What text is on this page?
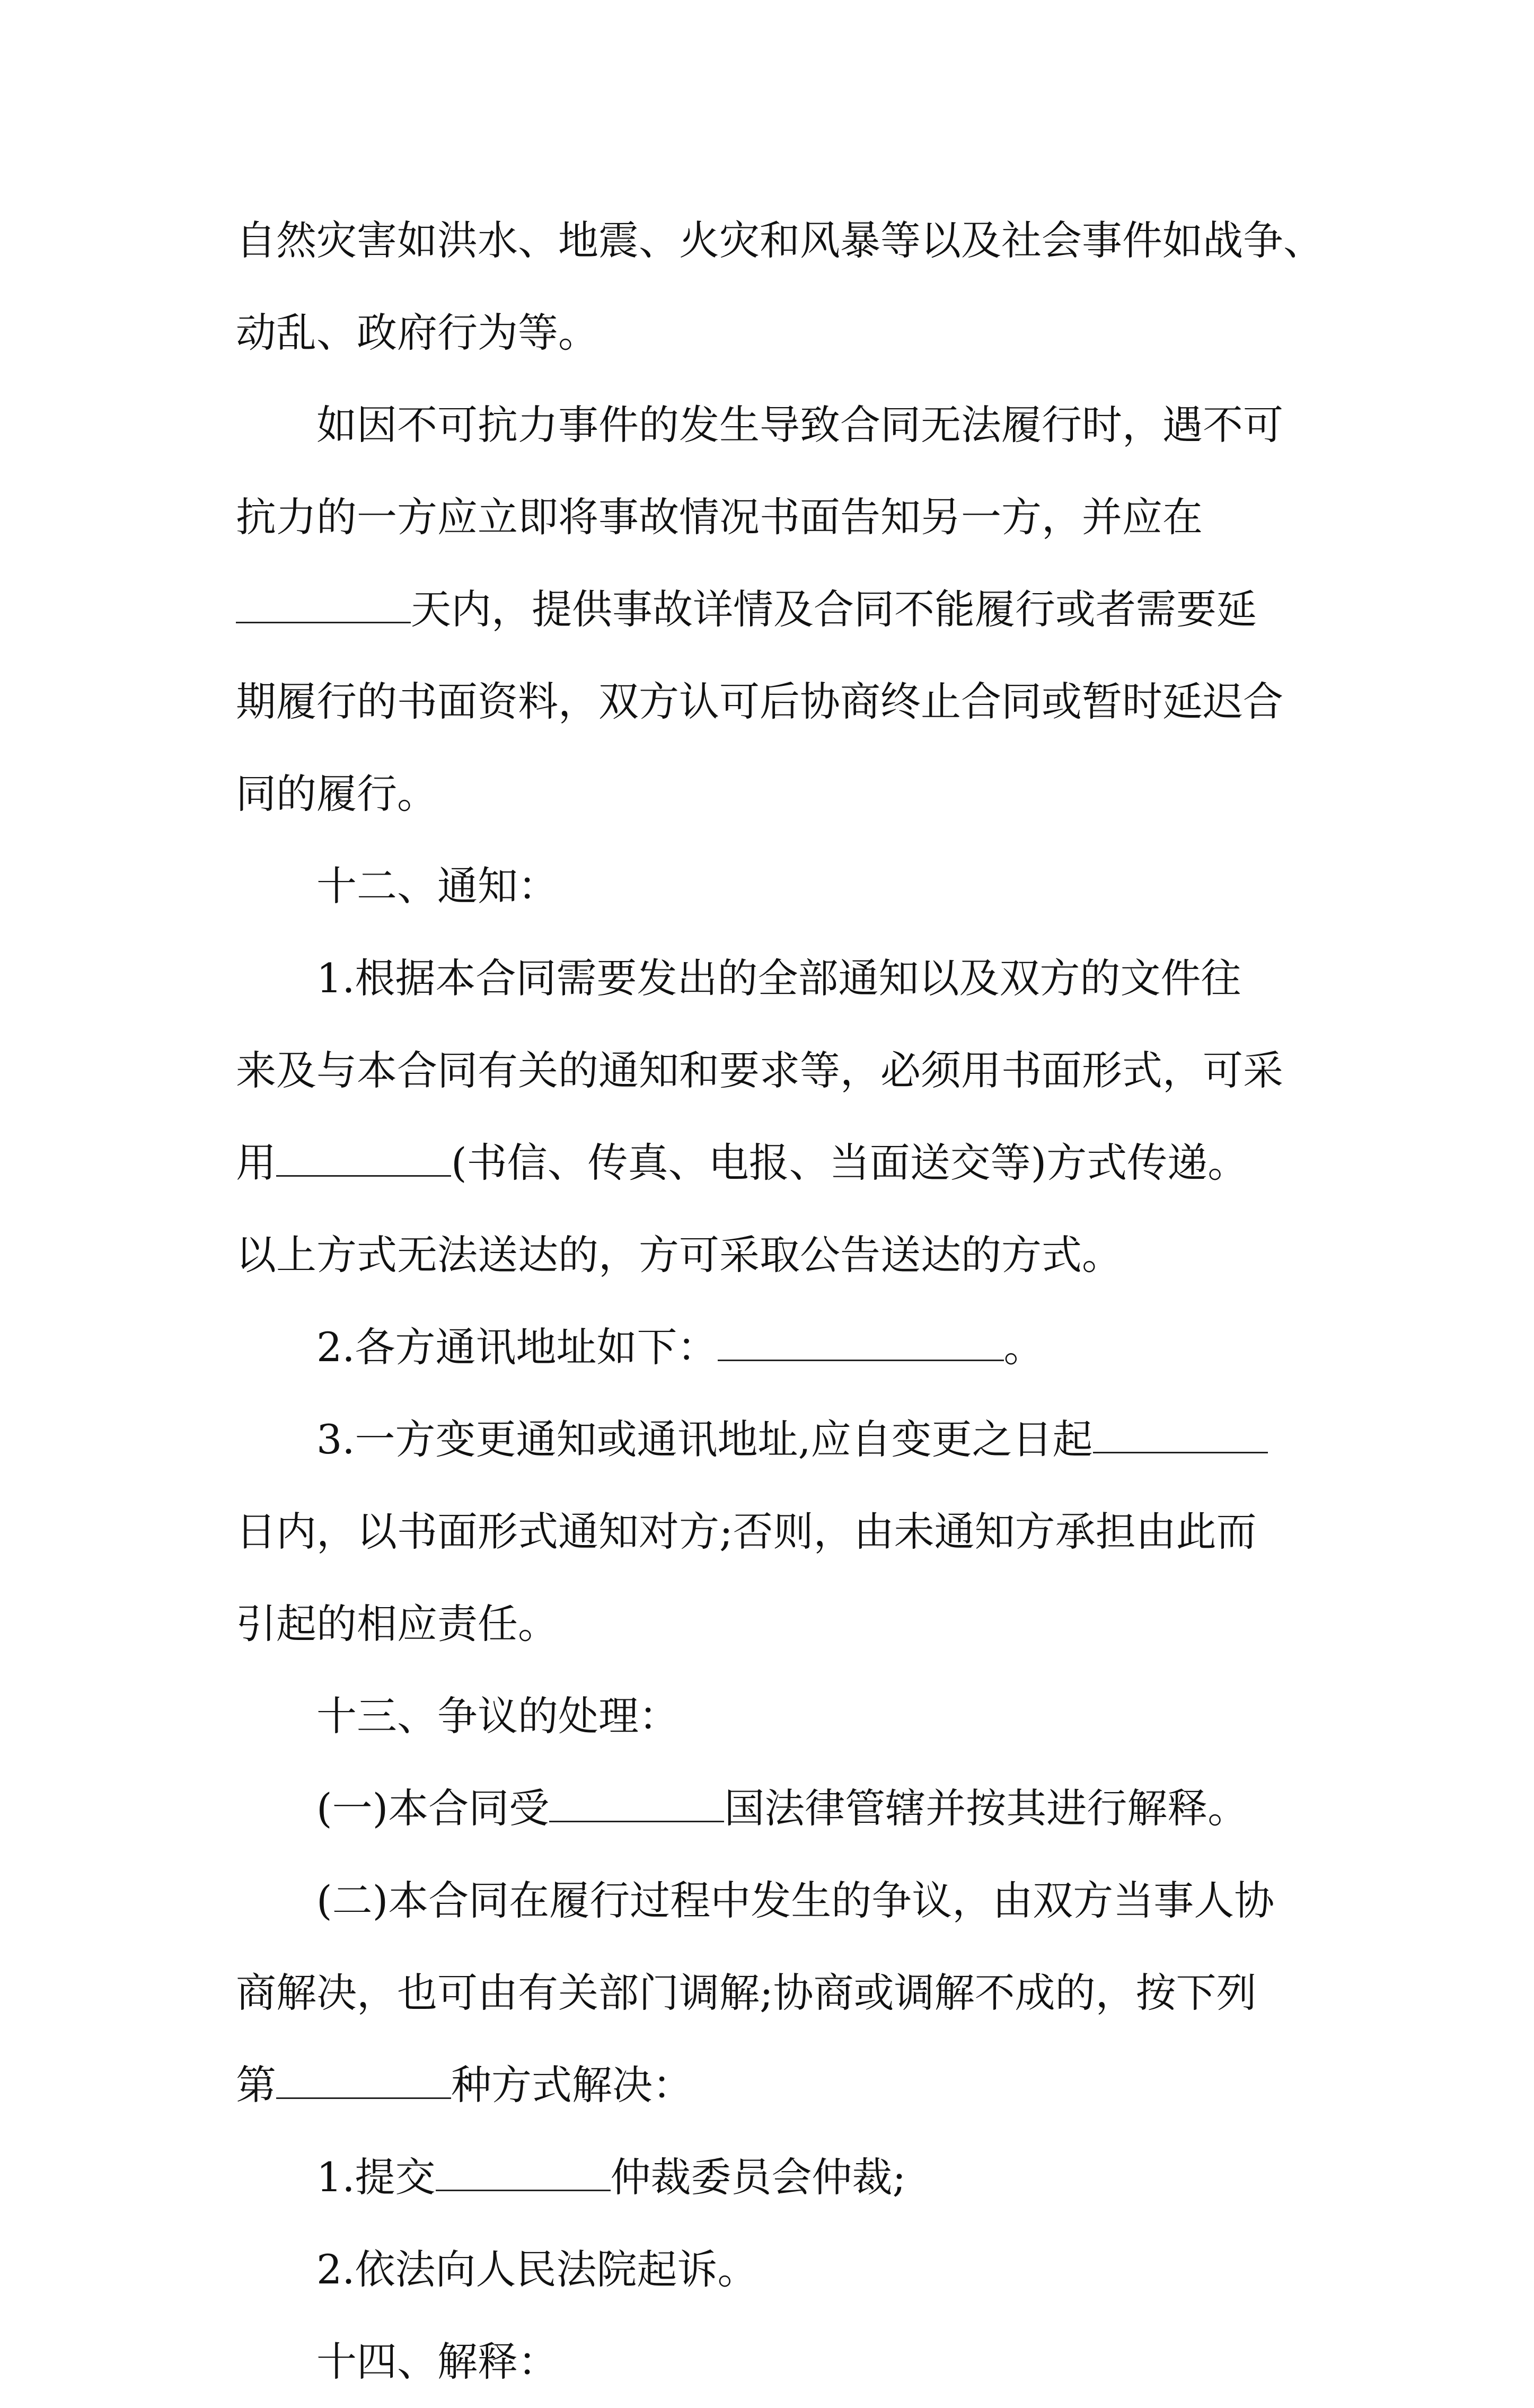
自然灾害如洪水、地震、火灾和风暴等以及社会事件如战争、
动乱、政府行为等。
如因不可抗力事件的发生导致合同无法履行时，遇不可
抗力的一方应立即将事故情况书面告知另一方，并应在
天内，提供事故详情及合同不能履行或者需要延
期履行的书面资料，双方认可后协商终止合同或暂时延迟合
同的履行。
十二、通知：
1.根据本合同需要发出的全部通知以及双方的文件往
来及与本合同有关的通知和要求等，必须用书面形式，可采
用	(书信、传真、电报、当面送交等)方式传递。
以上方式无法送达的，方可采取公告送达的方式。
2.各方通讯地址如下：	。
3.一方变更通知或通讯地址,应自变更之日起
日内，以书面形式通知对方;否则，由未通知方承担由此而
引起的相应责任。
十三、争议的处理：
(一)本合同受	国法律管辖并按其进行解释。
(二)本合同在履行过程中发生的争议，由双方当事人协
商解决，也可由有关部门调解;协商或调解不成的，按下列
第	种方式解决：
1.提交	仲裁委员会仲裁;
2.依法向人民法院起诉。
十四、解释：
